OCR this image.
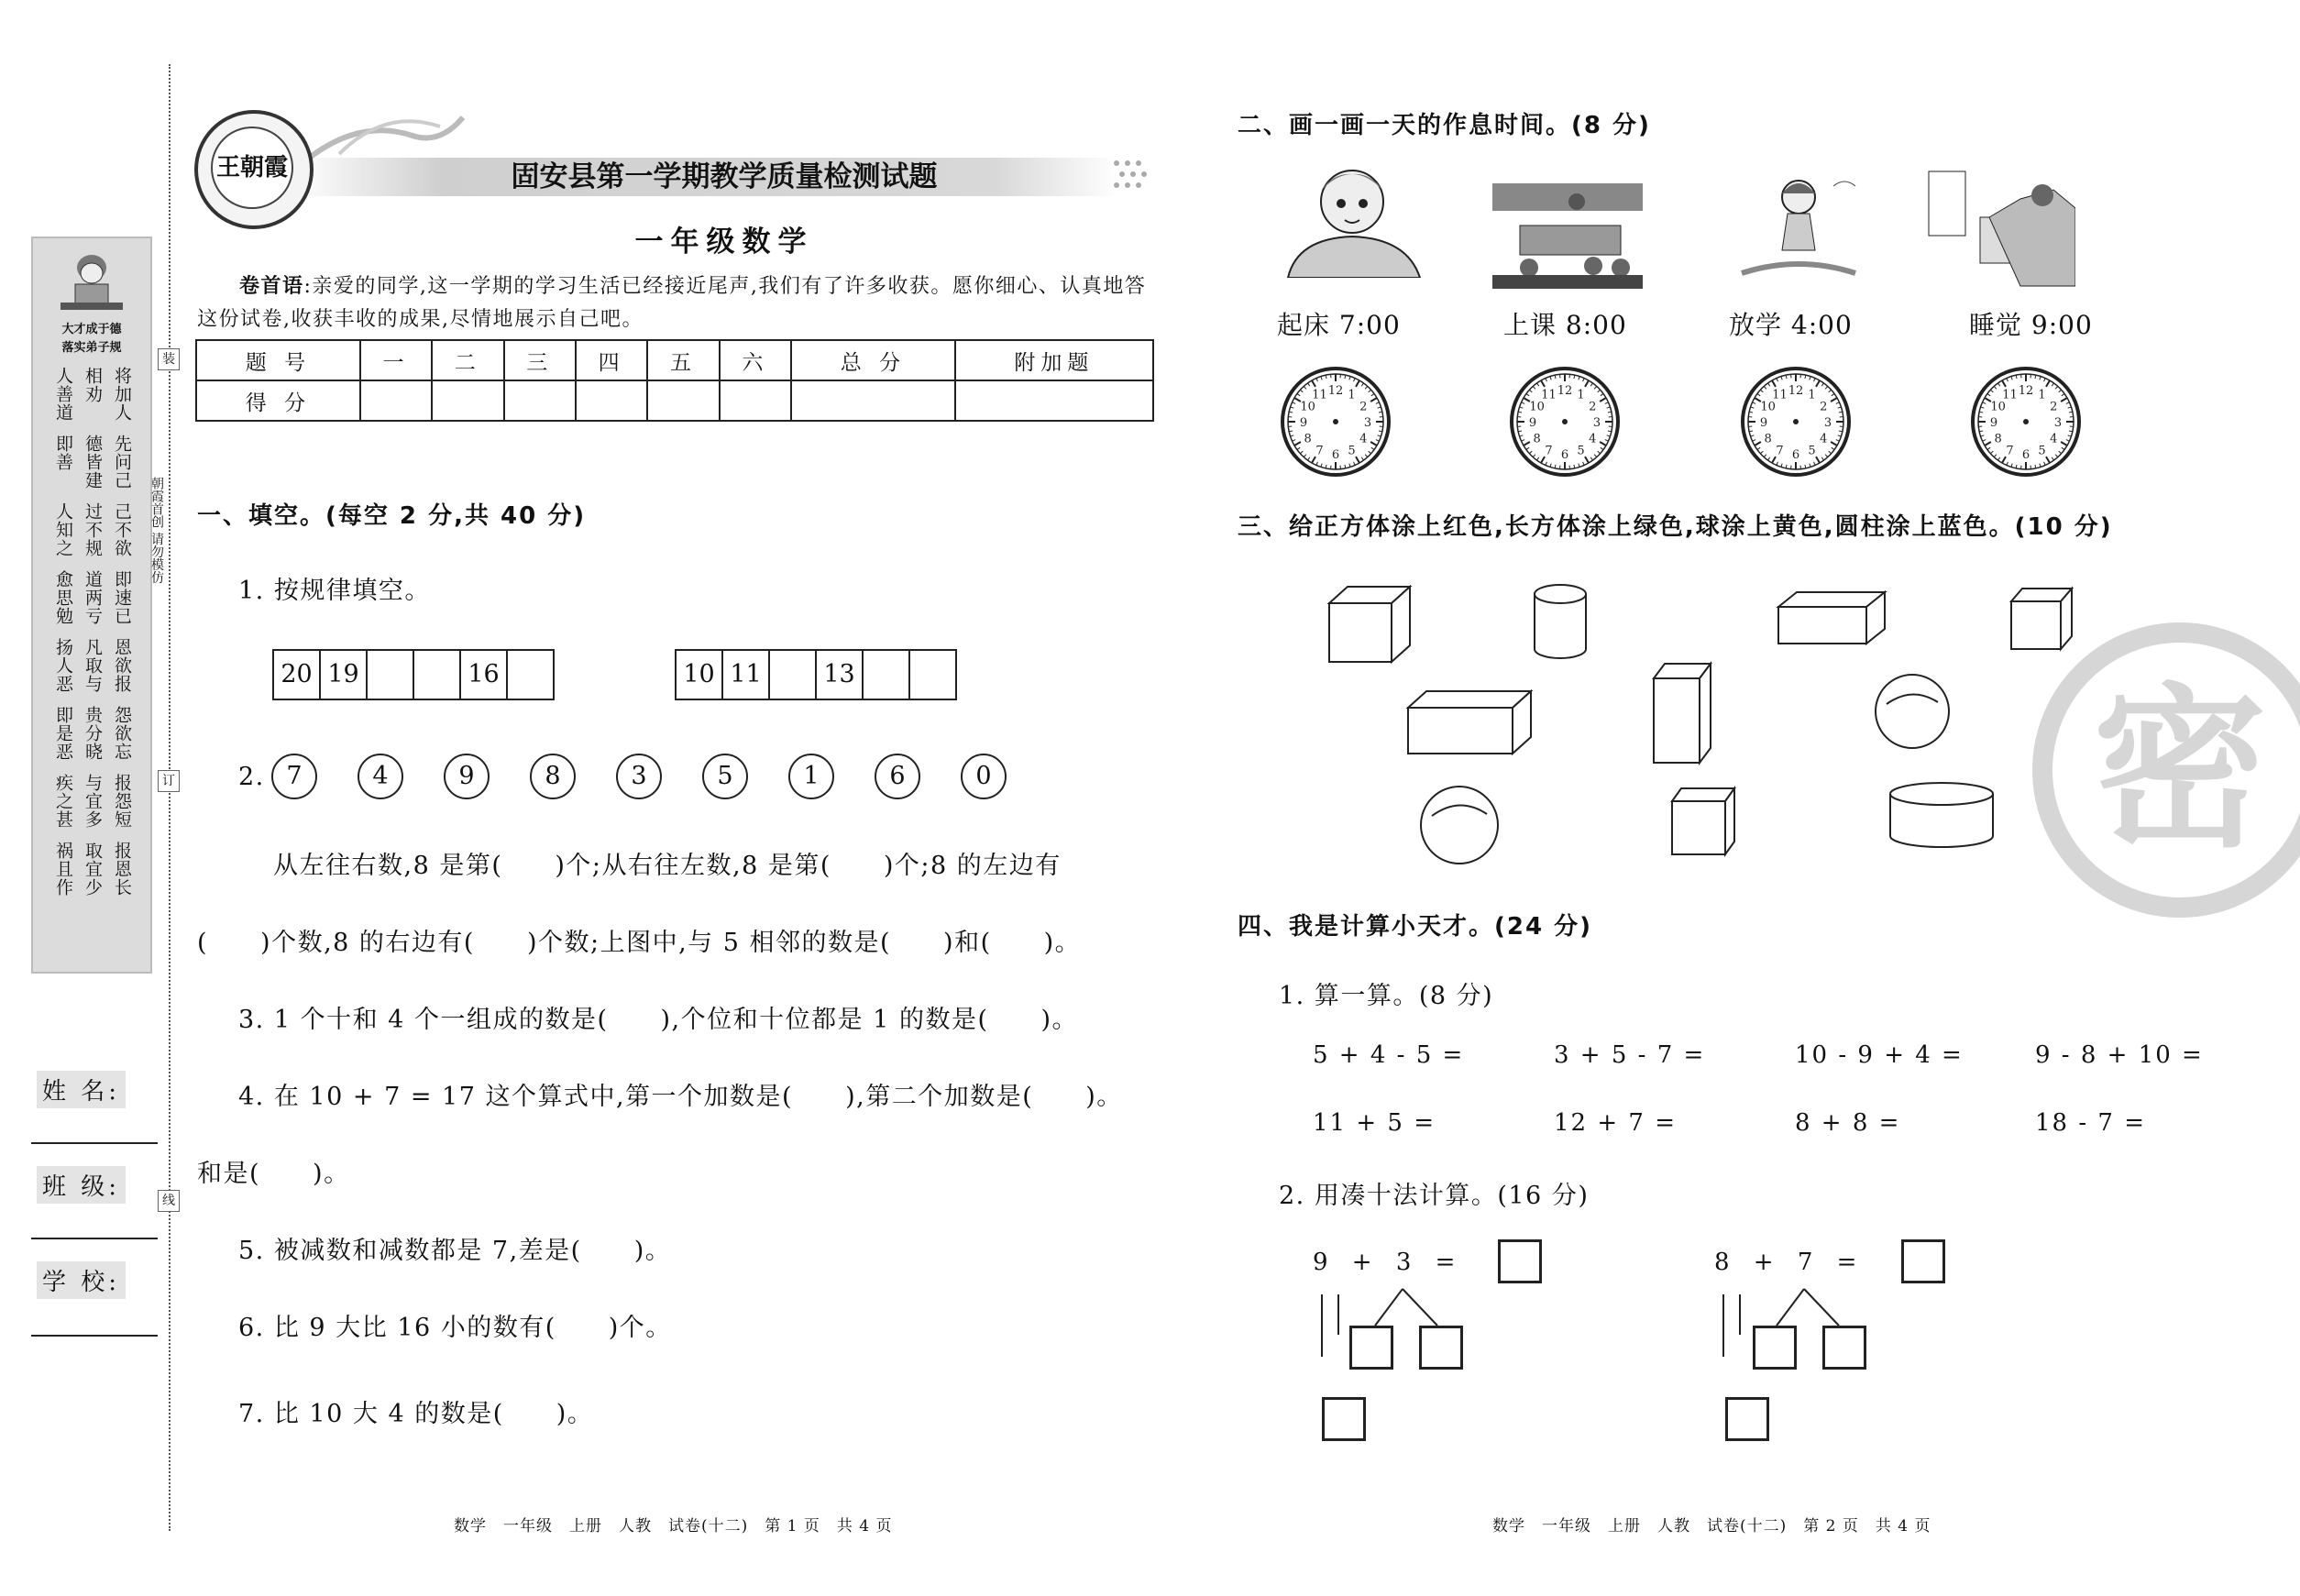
大才成于德
落实弟子规
人善道 相劝 将加人
即善 德皆建 先问己
人知之 过不规 己不欲
愈思勉 道两亏 即速已
扬人恶 凡取与 恩欲报
即是恶 贵分晓 怨欲忘
疾之甚 与宜多 报怨短
祸且作 取宜少 报恩长
装
订
线
朝霞首创 请勿模仿
姓 名:
班 级:
学 校:
王朝霞	固安县第一学期教学质量检测试题
一年级数学
卷首语:亲爱的同学,这一学期的学习生活已经接近尾声,我们有了许多收获。愿你细心、认真地答这份试卷,收获丰收的成果,尽情地展示自己吧。
题 号	一	二	三	四	五	六	总 分	附加题
得 分								
一、填空。(每空 2 分,共 40 分)
1. 按规律填空。
20 19	16	10 11	13
2. 7	4	9	8	3	5	1	6	0
从左往右数,8 是第(　　)个;从右往左数,8 是第(　　)个;8 的左边有
(　　)个数,8 的右边有(　　)个数;上图中,与 5 相邻的数是(　　)和(　　)。
3. 1 个十和 4 个一组成的数是(　　),个位和十位都是 1 的数是(　　)。
4. 在 10 + 7 = 17 这个算式中,第一个加数是(　　),第二个加数是(　　)。
和是(　　)。
5. 被减数和减数都是 7,差是(　　)。
6. 比 9 大比 16 小的数有(　　)个。
7. 比 10 大 4 的数是(　　)。
数学　一年级　上册　人教　试卷(十二)　第 1 页　共 4 页
二、画一画一天的作息时间。(8 分)
起床 7:00	上课 8:00	放学 4:00	睡觉 9:00
1
2
3
4
5
6
7
8
9
10
11 12	1
2
3
4
5
6
7
8
9
10
11 12	1
2
3
4
5
6
7
8
9
10
11 12	1
2
3
4
5
6
7
8
9
10
11 12
三、给正方体涂上红色,长方体涂上绿色,球涂上黄色,圆柱涂上蓝色。(10 分)
密
四、我是计算小天才。(24 分)
1. 算一算。(8 分)
5 + 4 - 5 =	3 + 5 - 7 =	10 - 9 + 4 =	9 - 8 + 10 =
11 + 5 =	12 + 7 =	8 + 8 =	18 - 7 =
2. 用凑十法计算。(16 分)
9 + 3 =	8 + 7 =
数学　一年级　上册　人教　试卷(十二)　第 2 页　共 4 页
